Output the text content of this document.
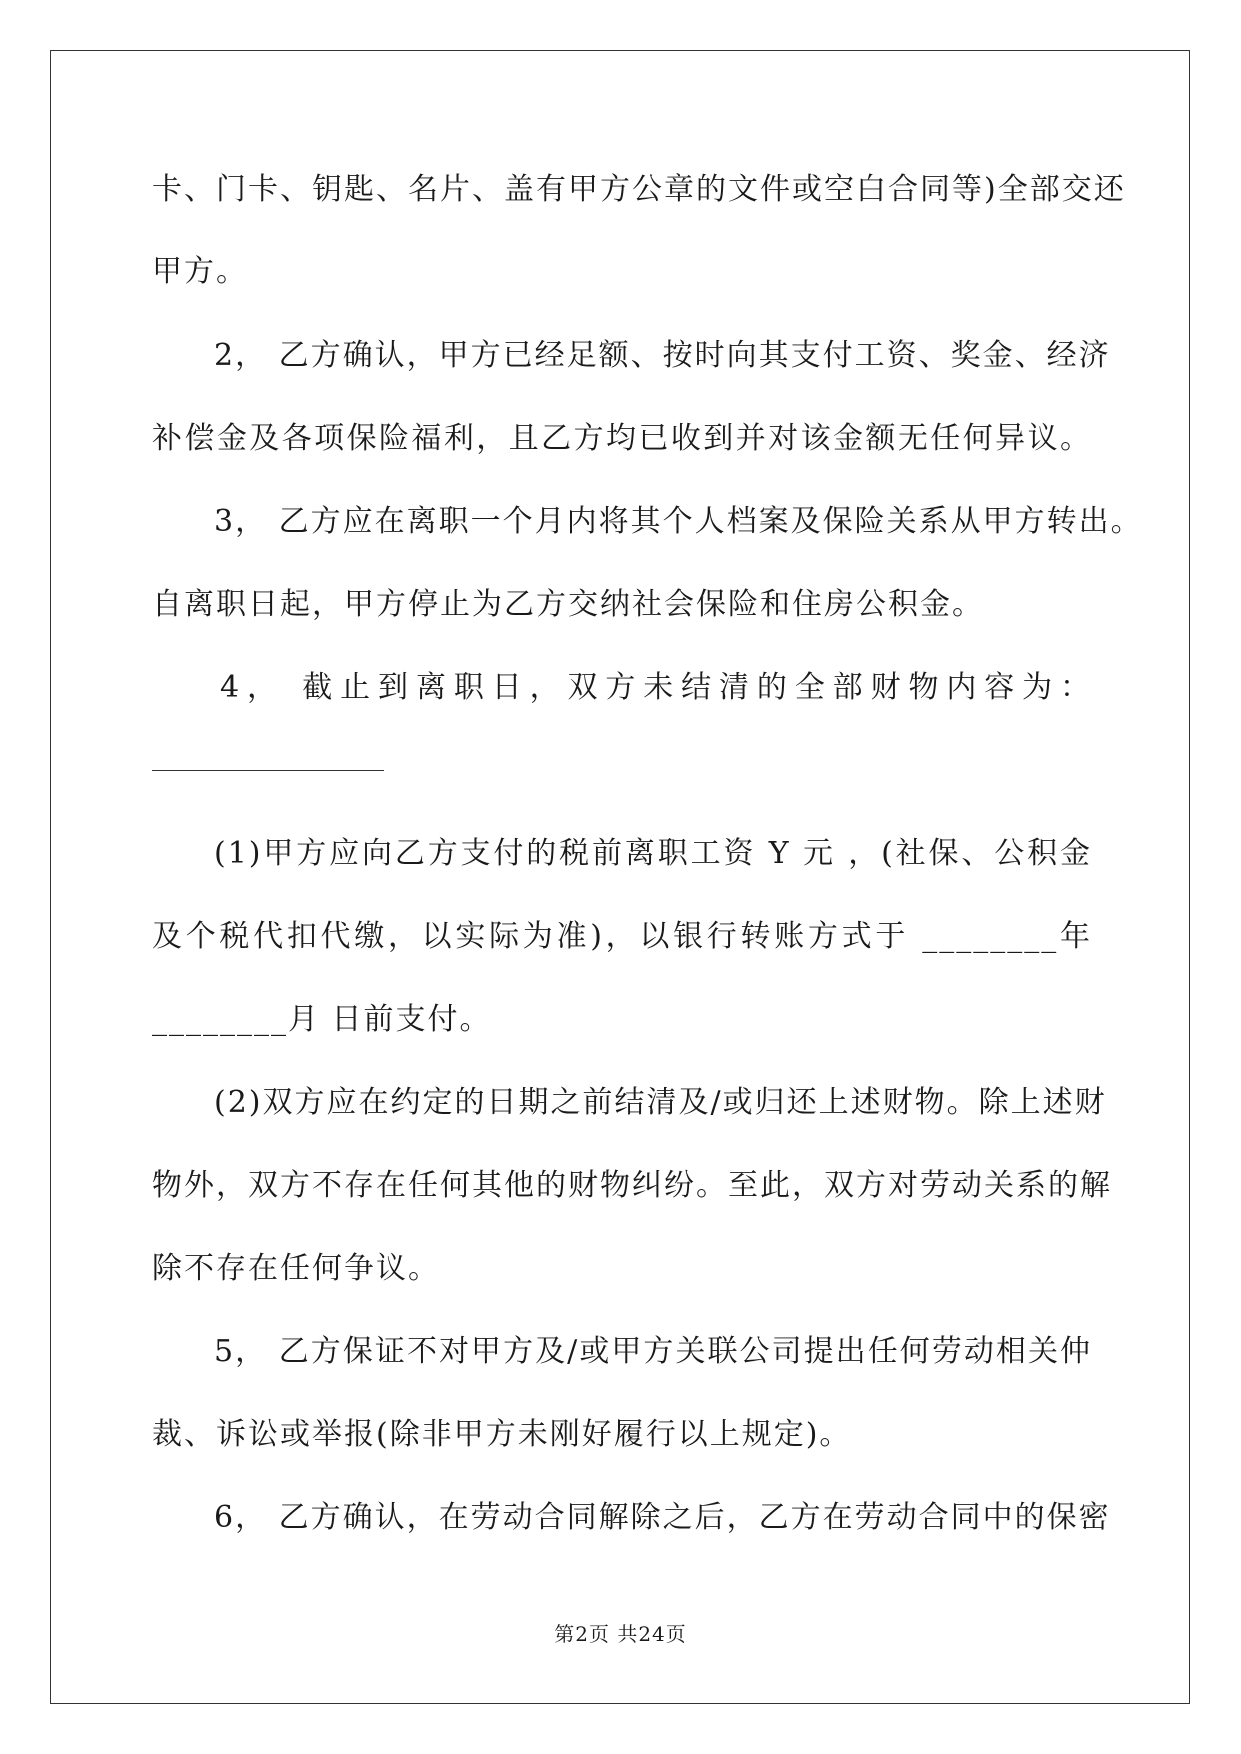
卡、门卡、钥匙、名片、盖有甲方公章的文件或空白合同等)全部交还
甲方。
2， 乙方确认，甲方已经足额、按时向其支付工资、奖金、经济
补偿金及各项保险福利，且乙方均已收到并对该金额无任何异议。
3， 乙方应在离职一个月内将其个人档案及保险关系从甲方转出。
自离职日起，甲方停止为乙方交纳社会保险和住房公积金。
4， 截止到离职日，双方未结清的全部财物内容为：
(1)甲方应向乙方支付的税前离职工资 Y 元 ，(社保、公积金
及个税代扣代缴，以实际为准)，以银行转账方式于 ________年
________月 日前支付。
(2)双方应在约定的日期之前结清及/或归还上述财物。除上述财
物外，双方不存在任何其他的财物纠纷。至此，双方对劳动关系的解
除不存在任何争议。
5， 乙方保证不对甲方及/或甲方关联公司提出任何劳动相关仲
裁、诉讼或举报(除非甲方未刚好履行以上规定)。
6， 乙方确认，在劳动合同解除之后，乙方在劳动合同中的保密
第2页 共24页
